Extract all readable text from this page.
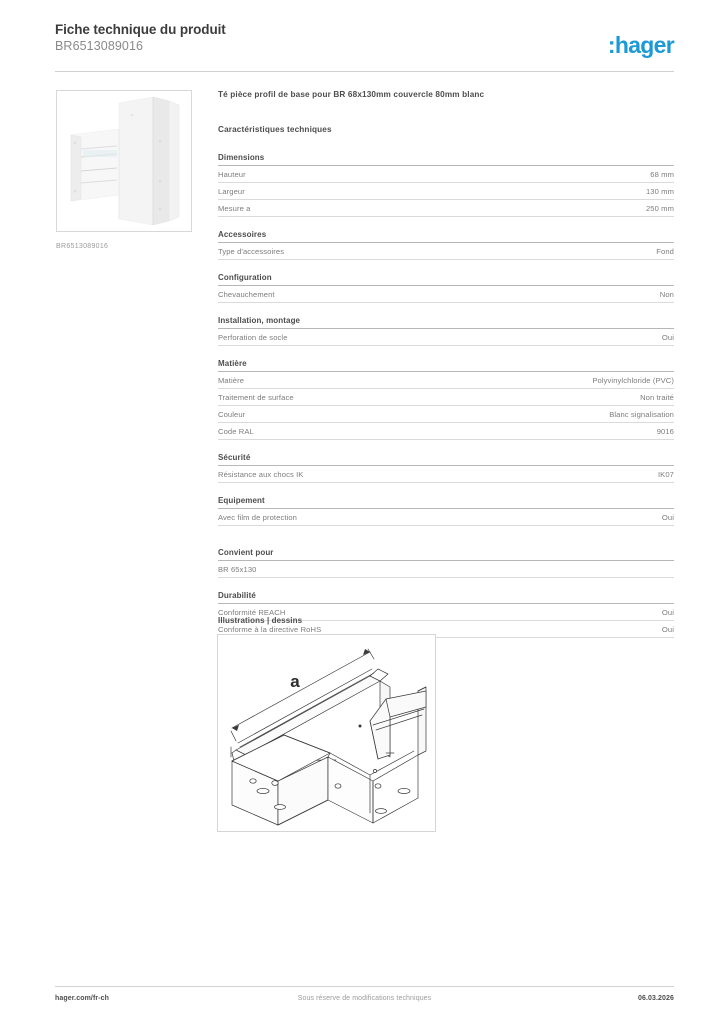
Fiche technique du produit
BR6513089016	:hager
BR6513089016
Té pièce profil de base pour BR 68x130mm couvercle 80mm blanc
Caractéristiques techniques
Dimensions
Hauteur	68 mm
Largeur	130 mm
Mesure a	250 mm
Accessoires
Type d'accessoires	Fond
Configuration
Chevauchement	Non
Installation, montage
Perforation de socle	Oui
Matière
Matière	Polyvinylchloride (PVC)
Traitement de surface	Non traité
Couleur	Blanc signalisation
Code RAL	9016
Sécurité
Résistance aux chocs IK	IK07
Equipement
Avec film de protection	Oui
Convient pour
BR 65x130
Durabilité
Conformité REACH	Oui
Conforme à la directive RoHS	Oui
Illustrations | dessins
a
hager.com/fr-ch	Sous réserve de modifications techniques	06.03.2026
